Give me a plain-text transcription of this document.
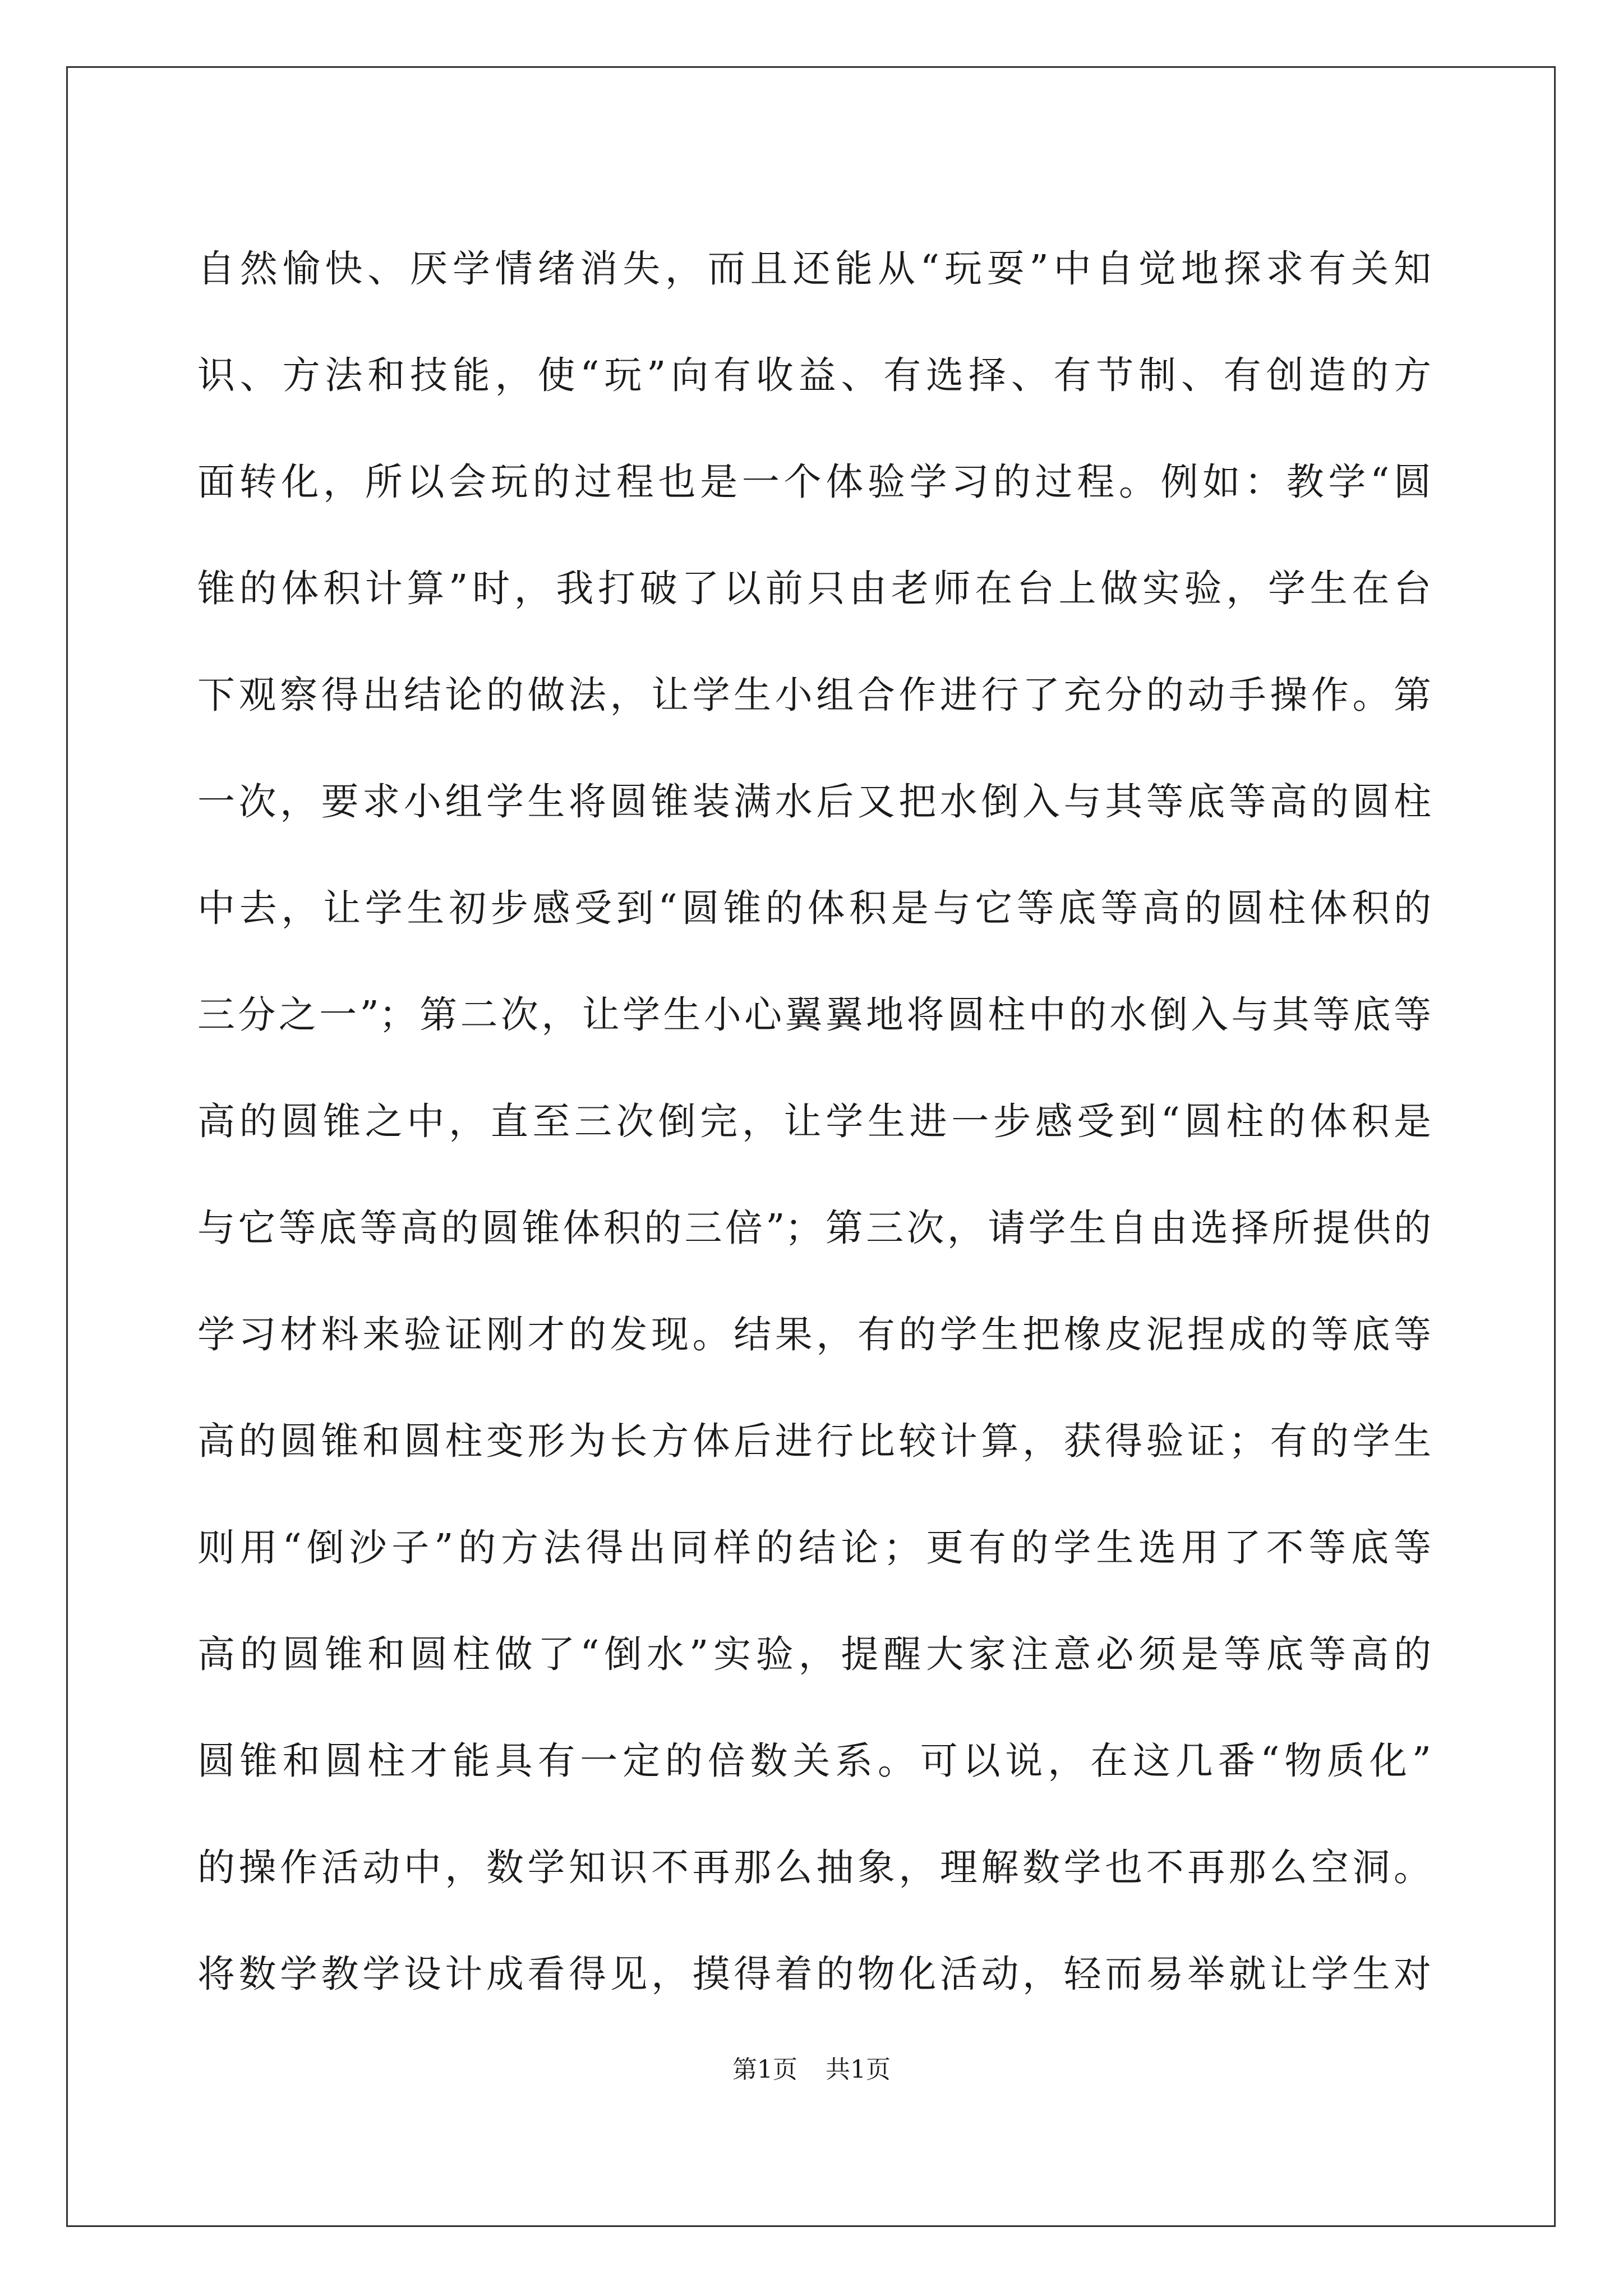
自然愉快、厌学情绪消失，而且还能从“玩耍”中自觉地探求有关知
识、方法和技能，使“玩”向有收益、有选择、有节制、有创造的方
面转化，所以会玩的过程也是一个体验学习的过程。例如：教学“圆
锥的体积计算”时，我打破了以前只由老师在台上做实验，学生在台
下观察得出结论的做法，让学生小组合作进行了充分的动手操作。第
一次，要求小组学生将圆锥装满水后又把水倒入与其等底等高的圆柱
中去，让学生初步感受到“圆锥的体积是与它等底等高的圆柱体积的
三分之一”；第二次，让学生小心翼翼地将圆柱中的水倒入与其等底等
高的圆锥之中，直至三次倒完，让学生进一步感受到“圆柱的体积是
与它等底等高的圆锥体积的三倍”；第三次，请学生自由选择所提供的
学习材料来验证刚才的发现。结果，有的学生把橡皮泥捏成的等底等
高的圆锥和圆柱变形为长方体后进行比较计算，获得验证；有的学生
则用“倒沙子”的方法得出同样的结论；更有的学生选用了不等底等
高的圆锥和圆柱做了“倒水”实验，提醒大家注意必须是等底等高的
圆锥和圆柱才能具有一定的倍数关系。可以说，在这几番“物质化”
的操作活动中，数学知识不再那么抽象，理解数学也不再那么空洞。
将数学教学设计成看得见，摸得着的物化活动，轻而易举就让学生对
第1页 共1页
